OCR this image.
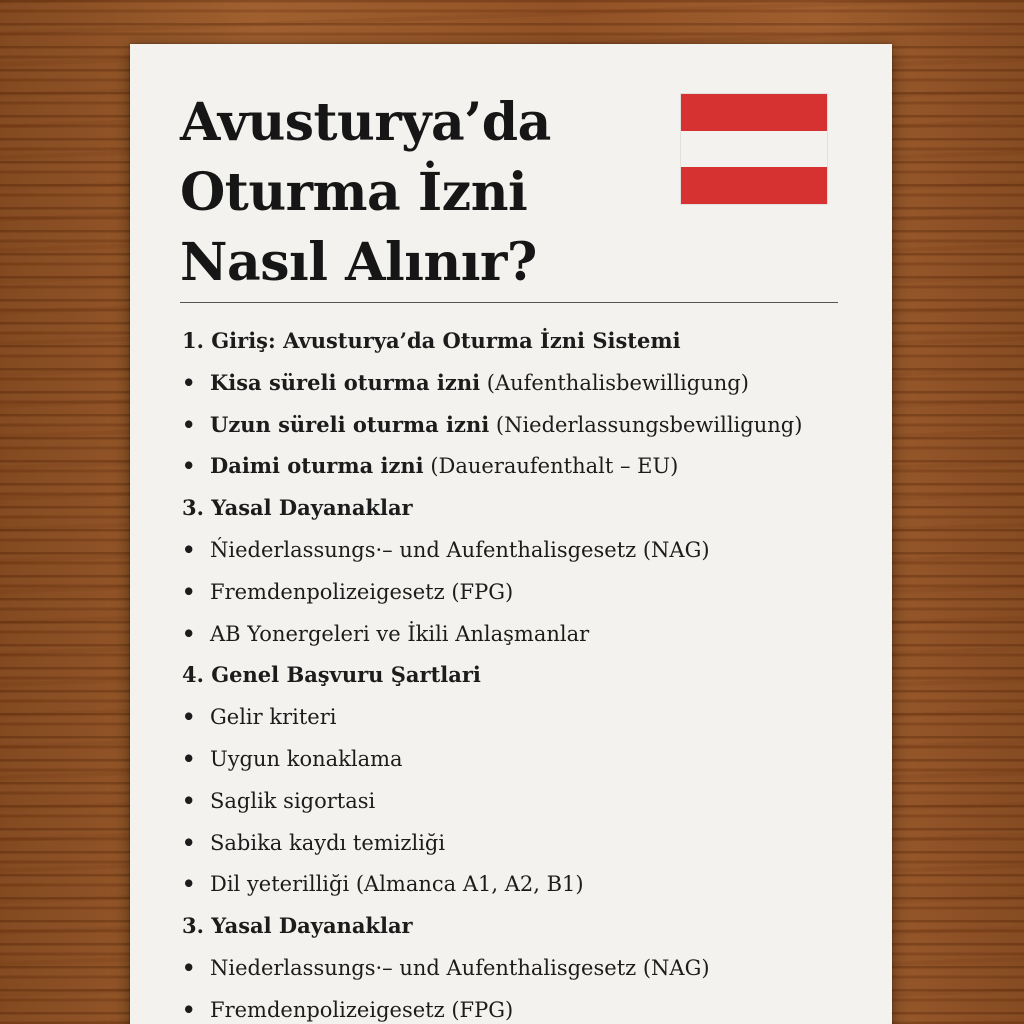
Avusturya’da
Oturma İzni
Nasıl Alınır?
1. Giriş: Avusturya’da Oturma İzni Sistemi
• Kisa süreli oturma izni (Aufenthalisbewilligung)
• Uzun süreli oturma izni (Niederlassungsbewilligung)
• Daimi oturma izni (Daueraufenthalt – EU)
3. Yasal Dayanaklar
• Ńiederlassungs·– und Aufenthalisgesetz (NAG)
• Fremdenpolizeigesetz (FPG)
• AB Yonergeleri ve İkili Anlaşmanlar
4. Genel Başvuru Şartlari
• Gelir kriteri
• Uygun konaklama
• Saglik sigortasi
• Sabika kaydı temizliği
• Dil yeterilliği (Almanca A1, A2, B1)
3. Yasal Dayanaklar
• Niederlassungs·– und Aufenthalisgesetz (NAG)
• Fremdenpolizeigesetz (FPG)
